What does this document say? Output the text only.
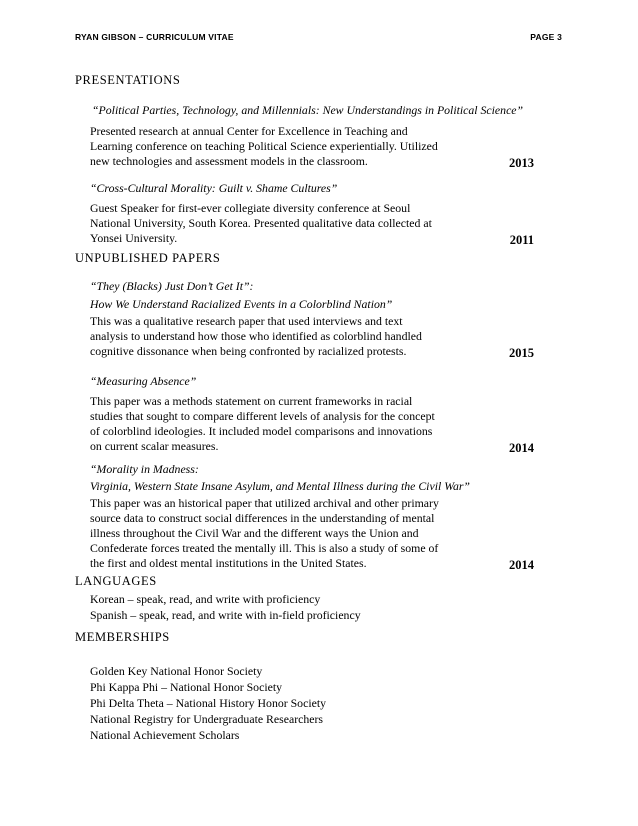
RYAN GIBSON – CURRICULUM VITAE	PAGE 3
PRESENTATIONS
“Political Parties, Technology, and Millennials: New Understandings in Political Science”
Presented research at annual Center for Excellence in Teaching and
Learning conference on teaching Political Science experientially. Utilized
new technologies and assessment models in the classroom.	2013
“Cross-Cultural Morality: Guilt v. Shame Cultures”
Guest Speaker for first-ever collegiate diversity conference at Seoul
National University, South Korea. Presented qualitative data collected at
Yonsei University.	2011
UNPUBLISHED PAPERS
“They (Blacks) Just Don’t Get It”:
How We Understand Racialized Events in a Colorblind Nation”
This was a qualitative research paper that used interviews and text
analysis to understand how those who identified as colorblind handled
cognitive dissonance when being confronted by racialized protests.	2015
“Measuring Absence”
This paper was a methods statement on current frameworks in racial
studies that sought to compare different levels of analysis for the concept
of colorblind ideologies. It included model comparisons and innovations
on current scalar measures.	2014
“Morality in Madness:
Virginia, Western State Insane Asylum, and Mental Illness during the Civil War”
This paper was an historical paper that utilized archival and other primary
source data to construct social differences in the understanding of mental
illness throughout the Civil War and the different ways the Union and
Confederate forces treated the mentally ill. This is also a study of some of
the first and oldest mental institutions in the United States.	2014
LANGUAGES
Korean – speak, read, and write with proficiency
Spanish – speak, read, and write with in-field proficiency
MEMBERSHIPS
Golden Key National Honor Society
Phi Kappa Phi – National Honor Society
Phi Delta Theta – National History Honor Society
National Registry for Undergraduate Researchers
National Achievement Scholars
